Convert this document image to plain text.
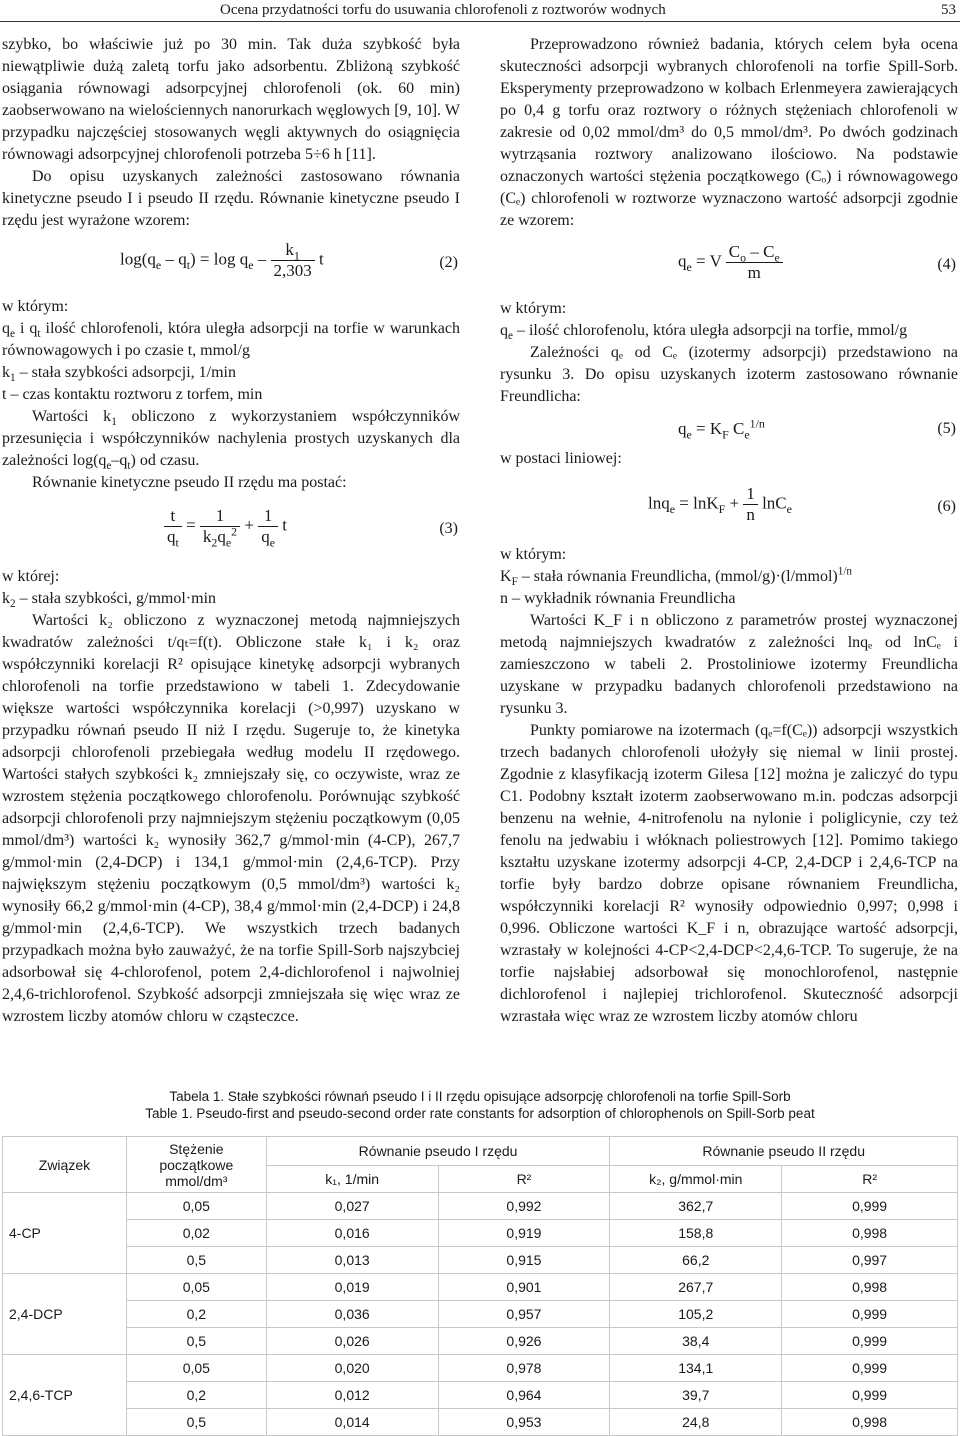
Ocena przydatności torfu do usuwania chlorofenoli z roztworów wodnych	53

szybko, bo właściwie już po 30 min. Tak duża szybkość była niewątpliwie dużą zaletą torfu jako adsorbentu. Zbliżoną szybkość osiągania równowagi adsorpcyjnej chlorofenoli (ok. 60 min) zaobserwowano na wielościennych nanorurkach węglowych [9, 10]. W przypadku najczęściej stosowanych węgli aktywnych do osiągnięcia równowagi adsorpcyjnej chlorofenoli potrzeba 5÷6 h [11].

Do opisu uzyskanych zależności zastosowano równania kinetyczne pseudo I i pseudo II rzędu. Równanie kinetyczne pseudo I rzędu jest wyrażone wzorem:

$\log(q_e - q_t) = \log q_e - \frac{k_1}{2,303}$ t	(2)

w którym:

$q_e$ i $q_t$ ilość chlorofenoli, która uległa adsorpcji na torfie w warunkach równowagowych i po czasie t, mmol/g

$k_1$ – stała szybkości adsorpcji, 1/min

t – czas kontaktu roztworu z torfem, min

Wartości $k_1$ obliczono z wykorzystaniem współczynników przesunięcia i współczynników nachylenia prostych uzyskanych dla zależności $\log(q_e-q_t)$ od czasu.

Równanie kinetyczne pseudo II rzędu ma postać:

$\frac{t}{q_t} = \frac{1}{k_2q_e^2} + \frac{1}{q_e}$ t	(3)

w której:

$k_2$ – stała szybkości, g/mmol·min

Wartości k₂ obliczono z wyznaczonej metodą najmniejszych kwadratów zależności t/qₜ=f(t). Obliczone stałe k₁ i k₂ oraz współczynniki korelacji R² opisujące kinetykę adsorpcji wybranych chlorofenoli na torfie przedstawiono w tabeli 1. Zdecydowanie większe wartości współczynnika korelacji (>0,997) uzyskano w przypadku równań pseudo II niż I rzędu. Sugeruje to, że kinetyka adsorpcji chlorofenoli przebiegała według modelu II rzędowego. Wartości stałych szybkości k₂ zmniejszały się, co oczywiste, wraz ze wzrostem stężenia początkowego chlorofenolu. Porównując szybkość adsorpcji chlorofenoli przy najmniejszym stężeniu początkowym (0,05 mmol/dm³) wartości k₂ wynosiły 362,7 g/mmol·min (4-CP), 267,7 g/mmol·min (2,4-DCP) i 134,1 g/mmol·min (2,4,6-TCP). Przy największym stężeniu początkowym (0,5 mmol/dm³) wartości k₂ wynosiły 66,2 g/mmol·min (4-CP), 38,4 g/mmol·min (2,4-DCP) i 24,8 g/mmol·min (2,4,6-TCP). We wszystkich trzech badanych przypadkach można było zauważyć, że na torfie Spill-Sorb najszybciej adsorbował się 4-chlorofenol, potem 2,4-dichlorofenol i najwolniej 2,4,6-trichlorofenol. Szybkość adsorpcji zmniejszała się więc wraz ze wzrostem liczby atomów chloru w cząsteczce.

Przeprowadzono również badania, których celem była ocena skuteczności adsorpcji wybranych chlorofenoli na torfie Spill-Sorb. Eksperymenty przeprowadzono w kolbach Erlenmeyera zawierających po 0,4 g torfu oraz roztwory o różnych stężeniach chlorofenoli w zakresie od 0,02 mmol/dm³ do 0,5 mmol/dm³. Po dwóch godzinach wytrząsania roztwory analizowano ilościowo. Na podstawie oznaczonych wartości stężenia początkowego (Cₒ) i równowagowego (Cₑ) chlorofenoli w roztworze wyznaczono wartość adsorpcji zgodnie ze wzorem:

$q_e = V \frac{C_o - C_e}{m}$	(4)

w którym:

$q_e$ – ilość chlorofenolu, która uległa adsorpcji na torfie, mmol/g

Zależności qₑ od Cₑ (izotermy adsorpcji) przedstawiono na rysunku 3. Do opisu uzyskanych izoterm zastosowano równanie Freundlicha:

$q_e = K_F$ $C_e^{1/n}$	(5)

w postaci liniowej:

$\ln q_e = \ln K_F + \frac{1}{n} \ln C_e$	(6)

w którym:

$K_F$ – stała równania Freundlicha, (mmol/g)·(l/mmol)$^{1/n}$

n – wykładnik równania Freundlicha

Wartości K_F i n obliczono z parametrów prostej wyznaczonej metodą najmniejszych kwadratów z zależności lnqₑ od lnCₑ i zamieszczono w tabeli 2. Prostoliniowe izotermy Freundlicha uzyskane w przypadku badanych chlorofenoli przedstawiono na rysunku 3.

Punkty pomiarowe na izotermach (qₑ=f(Cₑ)) adsorpcji wszystkich trzech badanych chlorofenoli ułożyły się niemal w linii prostej. Zgodnie z klasyfikacją izoterm Gilesa [12] można je zaliczyć do typu C1. Podobny kształt izoterm zaobserwowano m.in. podczas adsorpcji benzenu na wełnie, 4-nitrofenolu na nylonie i poliglicynie, czy też fenolu na jedwabiu i włóknach poliestrowych [12]. Pomimo takiego kształtu uzyskane izotermy adsorpcji 4-CP, 2,4-DCP i 2,4,6-TCP na torfie były bardzo dobrze opisane równaniem Freundlicha, współczynniki korelacji R² wynosiły odpowiednio 0,997; 0,998 i 0,996. Obliczone wartości K_F i n, obrazujące wartość adsorpcji, wzrastały w kolejności 4-CP<2,4-DCP<2,4,6-TCP. To sugeruje, że na torfie najsłabiej adsorbował się monochlorofenol, następnie dichlorofenol i najlepiej trichlorofenol. Skuteczność adsorpcji wzrastała więc wraz ze wzrostem liczby atomów chloru

Tabela 1. Stałe szybkości równań pseudo I i II rzędu opisujące adsorpcję chlorofenoli na torfie Spill-Sorb
Table 1. Pseudo-first and pseudo-second order rate constants for adsorption of chlorophenols on Spill-Sorb peat
Związek	Stężenie początkowe mmol/dm³	Równanie pseudo I rzędu		Równanie pseudo II rzędu	
		k₁, 1/min	R²	k₂, g/mmol·min	R²
4-CP	0,05	0,027	0,992	362,7	0,999
	0,02	0,016	0,919	158,8	0,998
	0,5	0,013	0,915	66,2	0,997
2,4-DCP	0,05	0,019	0,901	267,7	0,998
	0,2	0,036	0,957	105,2	0,999
	0,5	0,026	0,926	38,4	0,999
2,4,6-TCP	0,05	0,020	0,978	134,1	0,999
	0,2	0,012	0,964	39,7	0,999
	0,5	0,014	0,953	24,8	0,998
